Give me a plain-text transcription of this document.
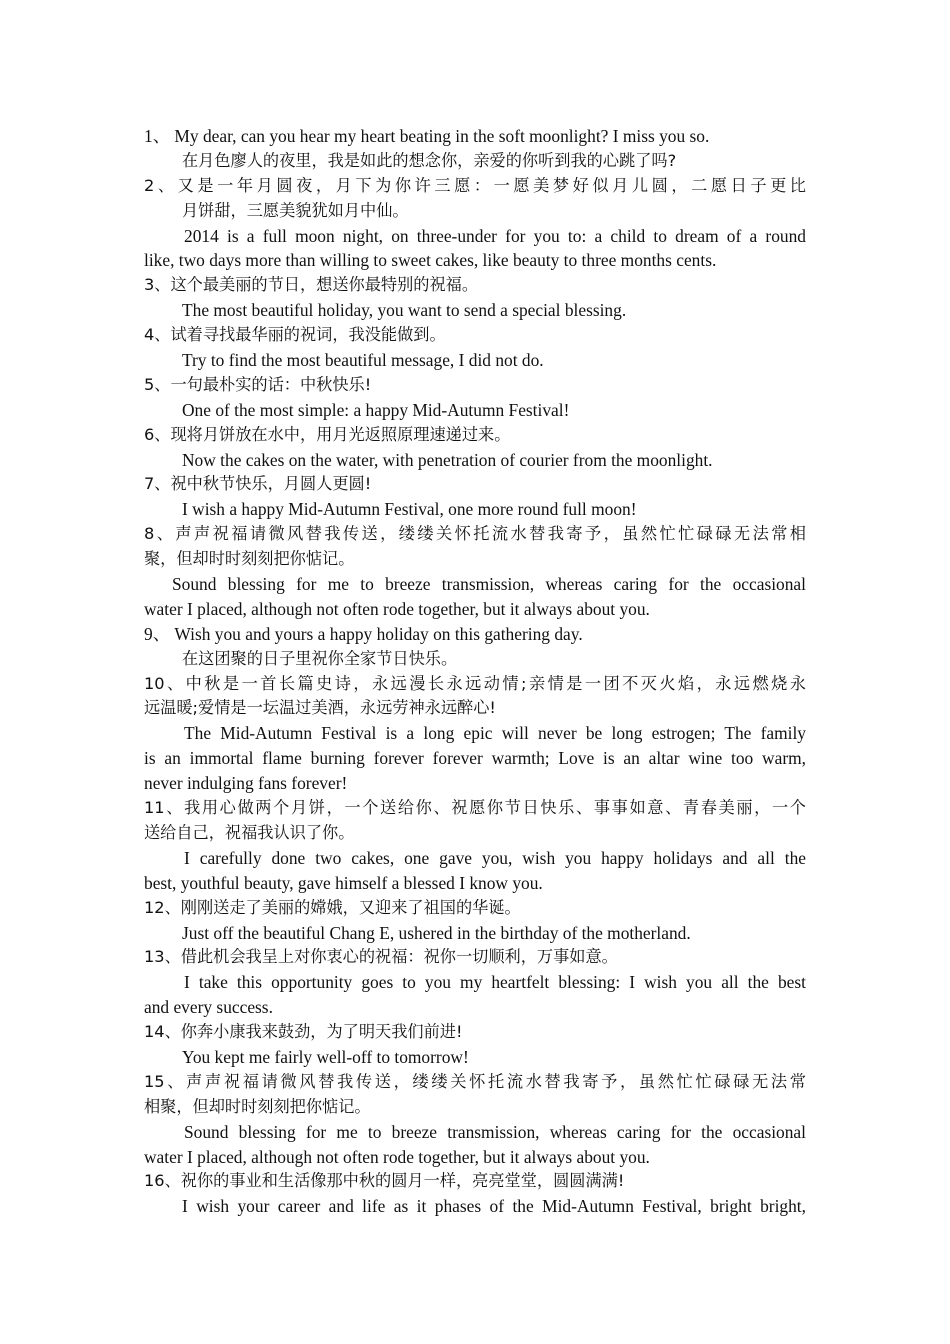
1、 My dear, can you hear my heart beating in the soft moonlight? I miss you so.
在月色廖人的夜里，我是如此的想念你，亲爱的你听到我的心跳了吗?
2、又是一年月圆夜，月下为你许三愿：一愿美梦好似月儿圆，二愿日子更比
月饼甜，三愿美貌犹如月中仙。
2014 is a full moon night, on three-under for you to: a child to dream of a round
like, two days more than willing to sweet cakes, like beauty to three months cents.
3、这个最美丽的节日，想送你最特别的祝福。
The most beautiful holiday, you want to send a special blessing.
4、试着寻找最华丽的祝词，我没能做到。
Try to find the most beautiful message, I did not do.
5、一句最朴实的话：中秋快乐!
One of the most simple: a happy Mid-Autumn Festival!
6、现将月饼放在水中，用月光返照原理速递过来。
Now the cakes on the water, with penetration of courier from the moonlight.
7、祝中秋节快乐，月圆人更圆!
I wish a happy Mid-Autumn Festival, one more round full moon!
8、声声祝福请微风替我传送，缕缕关怀托流水替我寄予，虽然忙忙碌碌无法常相
聚，但却时时刻刻把你惦记。
Sound blessing for me to breeze transmission, whereas caring for the occasional
water I placed, although not often rode together, but it always about you.
9、 Wish you and yours a happy holiday on this gathering day.
在这团聚的日子里祝你全家节日快乐。
10、中秋是一首长篇史诗，永远漫长永远动情;亲情是一团不灭火焰，永远燃烧永
远温暖;爱情是一坛温过美酒，永远劳神永远醉心!
The Mid-Autumn Festival is a long epic will never be long estrogen; The family
is an immortal flame burning forever forever warmth; Love is an altar wine too warm,
never indulging fans forever!
11、我用心做两个月饼，一个送给你、祝愿你节日快乐、事事如意、青春美丽，一个
送给自己，祝福我认识了你。
I carefully done two cakes, one gave you, wish you happy holidays and all the
best, youthful beauty, gave himself a blessed I know you.
12、刚刚送走了美丽的嫦娥，又迎来了祖国的华诞。
Just off the beautiful Chang E, ushered in the birthday of the motherland.
13、借此机会我呈上对你衷心的祝福：祝你一切顺利，万事如意。
I take this opportunity goes to you my heartfelt blessing: I wish you all the best
and every success.
14、你奔小康我来鼓劲，为了明天我们前进!
You kept me fairly well-off to tomorrow!
15、声声祝福请微风替我传送，缕缕关怀托流水替我寄予，虽然忙忙碌碌无法常
相聚，但却时时刻刻把你惦记。
Sound blessing for me to breeze transmission, whereas caring for the occasional
water I placed, although not often rode together, but it always about you.
16、祝你的事业和生活像那中秋的圆月一样，亮亮堂堂，圆圆满满!
I wish your career and life as it phases of the Mid-Autumn Festival, bright bright,
